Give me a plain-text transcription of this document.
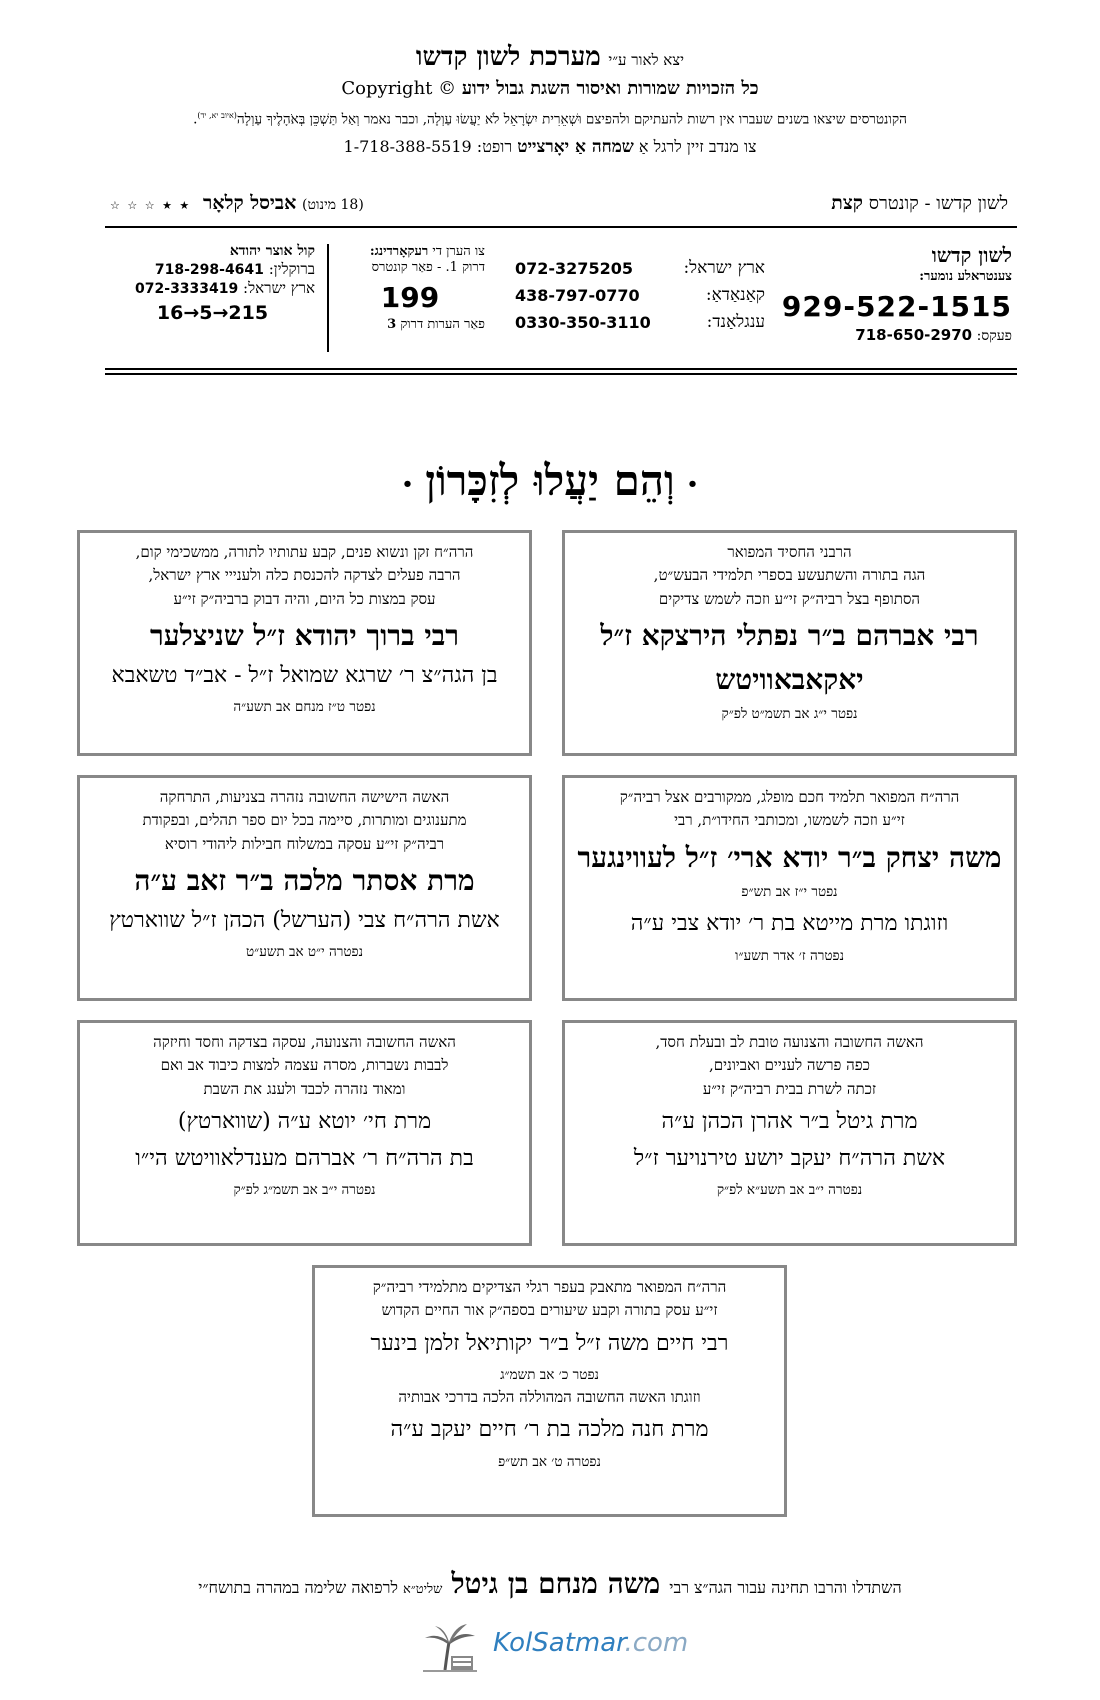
יצא לאור ע״י מערכת לשון קדשו
Copyright © כל הזכויות שמורות ואיסור השגת גבול ידוע
הקונטרסים שיצאו בשנים שעברו אין רשות להעתיקם ולהפיצם וּשְׁאֵרִית יִשְׂרָאֵל לֹא יַעֲשׂוּ עַוְלָה, וכבר נאמר וְאַל תַּשְׁכֵּן בְּאֹהָלֶיךָ עַוְלָה$^{(איוב יא, יד)}$.
צו מנדב זיין לרגל אַ שמחה אַ יאָרצייט רופט: 1-718-388-5519
לשון קדשו - קונטרס קצת
(18 מינוט) אביסל קלאָר ★ ★ ☆ ☆ ☆
לשון קדשו
צענטראלע נומער:
929-522-1515
פעקס: 718-650-2970
ארץ ישראל:
072-3275205
קאַנאַדאַ:
438-797-0770
ענגלאַנד:
0330-350-3110
צו הערן די רעקאָרדינג:
דרוק 1. - פאַר קונטרס
199
פאַר הערות דרוק 3
קול אוצר יהודא
ברוקלין: 718-298-4641
ארץ ישראל: 072-3333419
16→5→215
•וְהֵם יַעֲלוּ לְזִכָּרוֹן•
הרבני החסיד המפואר
הגה בתורה והשתעשע בספרי תלמידי הבעש״ט,
הסתופף בצל רביה״ק זי״ע וזכה לשמש צדיקים
רבי אברהם ב״ר נפתלי הירצקא ז״ל
יאקאבאוויטש
נפטר י״ג אב תשמ״ט לפ״ק
הרה״ח זקן ונשוא פנים, קבע עתותיו לתורה, ממשכימי קום,
הרבה פעלים לצדקה להכנסת כלה ולענייי ארץ ישראל,
עסק במצות כל היום, והיה דבוק ברביה״ק זי״ע
רבי ברוך יהודא ז״ל שניצלער
בן הגה״צ ר׳ שרגא שמואל ז״ל - אב״ד טשאבא
נפטר ט״ז מנחם אב תשע״ה
הרה״ח המפואר תלמיד חכם מופלג, ממקורבים אצל רביה״ק
זי״ע וזכה לשמשו, ומכותבי החידו״ת, רבי
משה יצחק ב״ר יודא ארי׳ ז״ל לעווינגער
נפטר י״ז אב תש״פ
וזוגתו מרת מייטא בת ר׳ יודא צבי ע״ה
נפטרה ז׳ אדר תשע״ו
האשה הישישה החשובה נזהרה בצניעות, התרחקה
מתענוגים ומותרות, סיימה בכל יום ספר תהלים, ובפקודת
רביה״ק זי״ע עסקה במשלוח חבילות ליהודי רוסיא
מרת אסתר מלכה ב״ר זאב ע״ה
אשת הרה״ח צבי (הערשל) הכהן ז״ל שווארטץ
נפטרה י״ט אב תשע״ט
האשה החשובה והצנועה טובת לב ובעלת חסד,
כפה פרשה לעניים ואביונים,
זכתה לשרת בבית רביה״ק זי״ע
מרת גיטל ב״ר אהרן הכהן ע״ה
אשת הרה״ח יעקב יושע טירנויער ז״ל
נפטרה י״ב אב תשע״א לפ״ק
האשה החשובה והצנועה, עסקה בצדקה וחסד וחיזקה
לבבות נשברות, מסרה עצמה למצות כיבוד אב ואם
ומאוד נזהרה לכבד ולענג את השבת
מרת חי׳ יוטא ע״ה (שווארטץ)
בת הרה״ח ר׳ אברהם מענדלאוויטש הי״ו
נפטרה י״ב אב תשמ״ג לפ״ק
הרה״ח המפואר מתאבק בעפר רגלי הצדיקים מתלמידי רביה״ק
זי״ע עסק בתורה וקבע שיעורים בספה״ק אור החיים הקדוש
רבי חיים משה ז״ל ב״ר יקותיאל זלמן בינער
נפטר כ׳ אב תשמ״ג
וזוגתו האשה החשובה המהוללה הלכה בדרכי אבותיה
מרת חנה מלכה בת ר׳ חיים יעקב ע״ה
נפטרה ט׳ אב תש״פ
השתדלו והרבו תחינה עבור הגה״צ רבי משה מנחם בן גיטל שליט״א לרפואה שלימה במהרה בתושח״י
KolSatmar.com
